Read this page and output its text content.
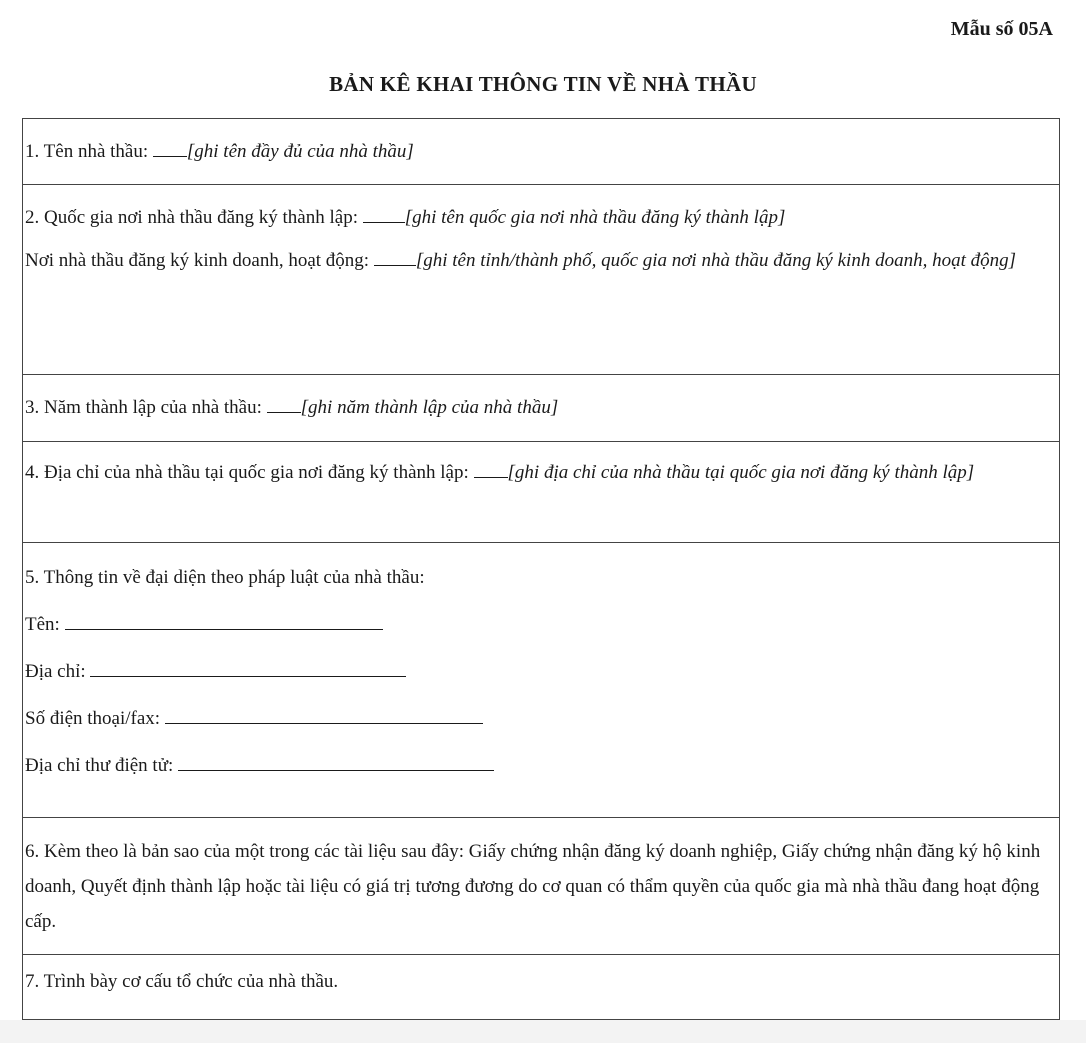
Mẫu số 05A
BẢN KÊ KHAI THÔNG TIN VỀ NHÀ THẦU

1. Tên nhà thầu: [ghi tên đầy đủ của nhà thầu]

2. Quốc gia nơi nhà thầu đăng ký thành lập: [ghi tên quốc gia nơi nhà thầu đăng ký thành lập]

Nơi nhà thầu đăng ký kinh doanh, hoạt động: [ghi tên tỉnh/thành phố, quốc gia nơi nhà thầu đăng ký kinh doanh, hoạt động]

3. Năm thành lập của nhà thầu: [ghi năm thành lập của nhà thầu]

4. Địa chỉ của nhà thầu tại quốc gia nơi đăng ký thành lập: [ghi địa chỉ của nhà thầu tại quốc gia nơi đăng ký thành lập]

5. Thông tin về đại diện theo pháp luật của nhà thầu:

Tên:

Địa chỉ:

Số điện thoại/fax:

Địa chỉ thư điện tử:

6. Kèm theo là bản sao của một trong các tài liệu sau đây: Giấy chứng nhận đăng ký doanh nghiệp, Giấy chứng nhận đăng ký hộ kinh doanh, Quyết định thành lập hoặc tài liệu có giá trị tương đương do cơ quan có thẩm quyền của quốc gia mà nhà thầu đang hoạt động cấp.

7. Trình bày cơ cấu tổ chức của nhà thầu.
